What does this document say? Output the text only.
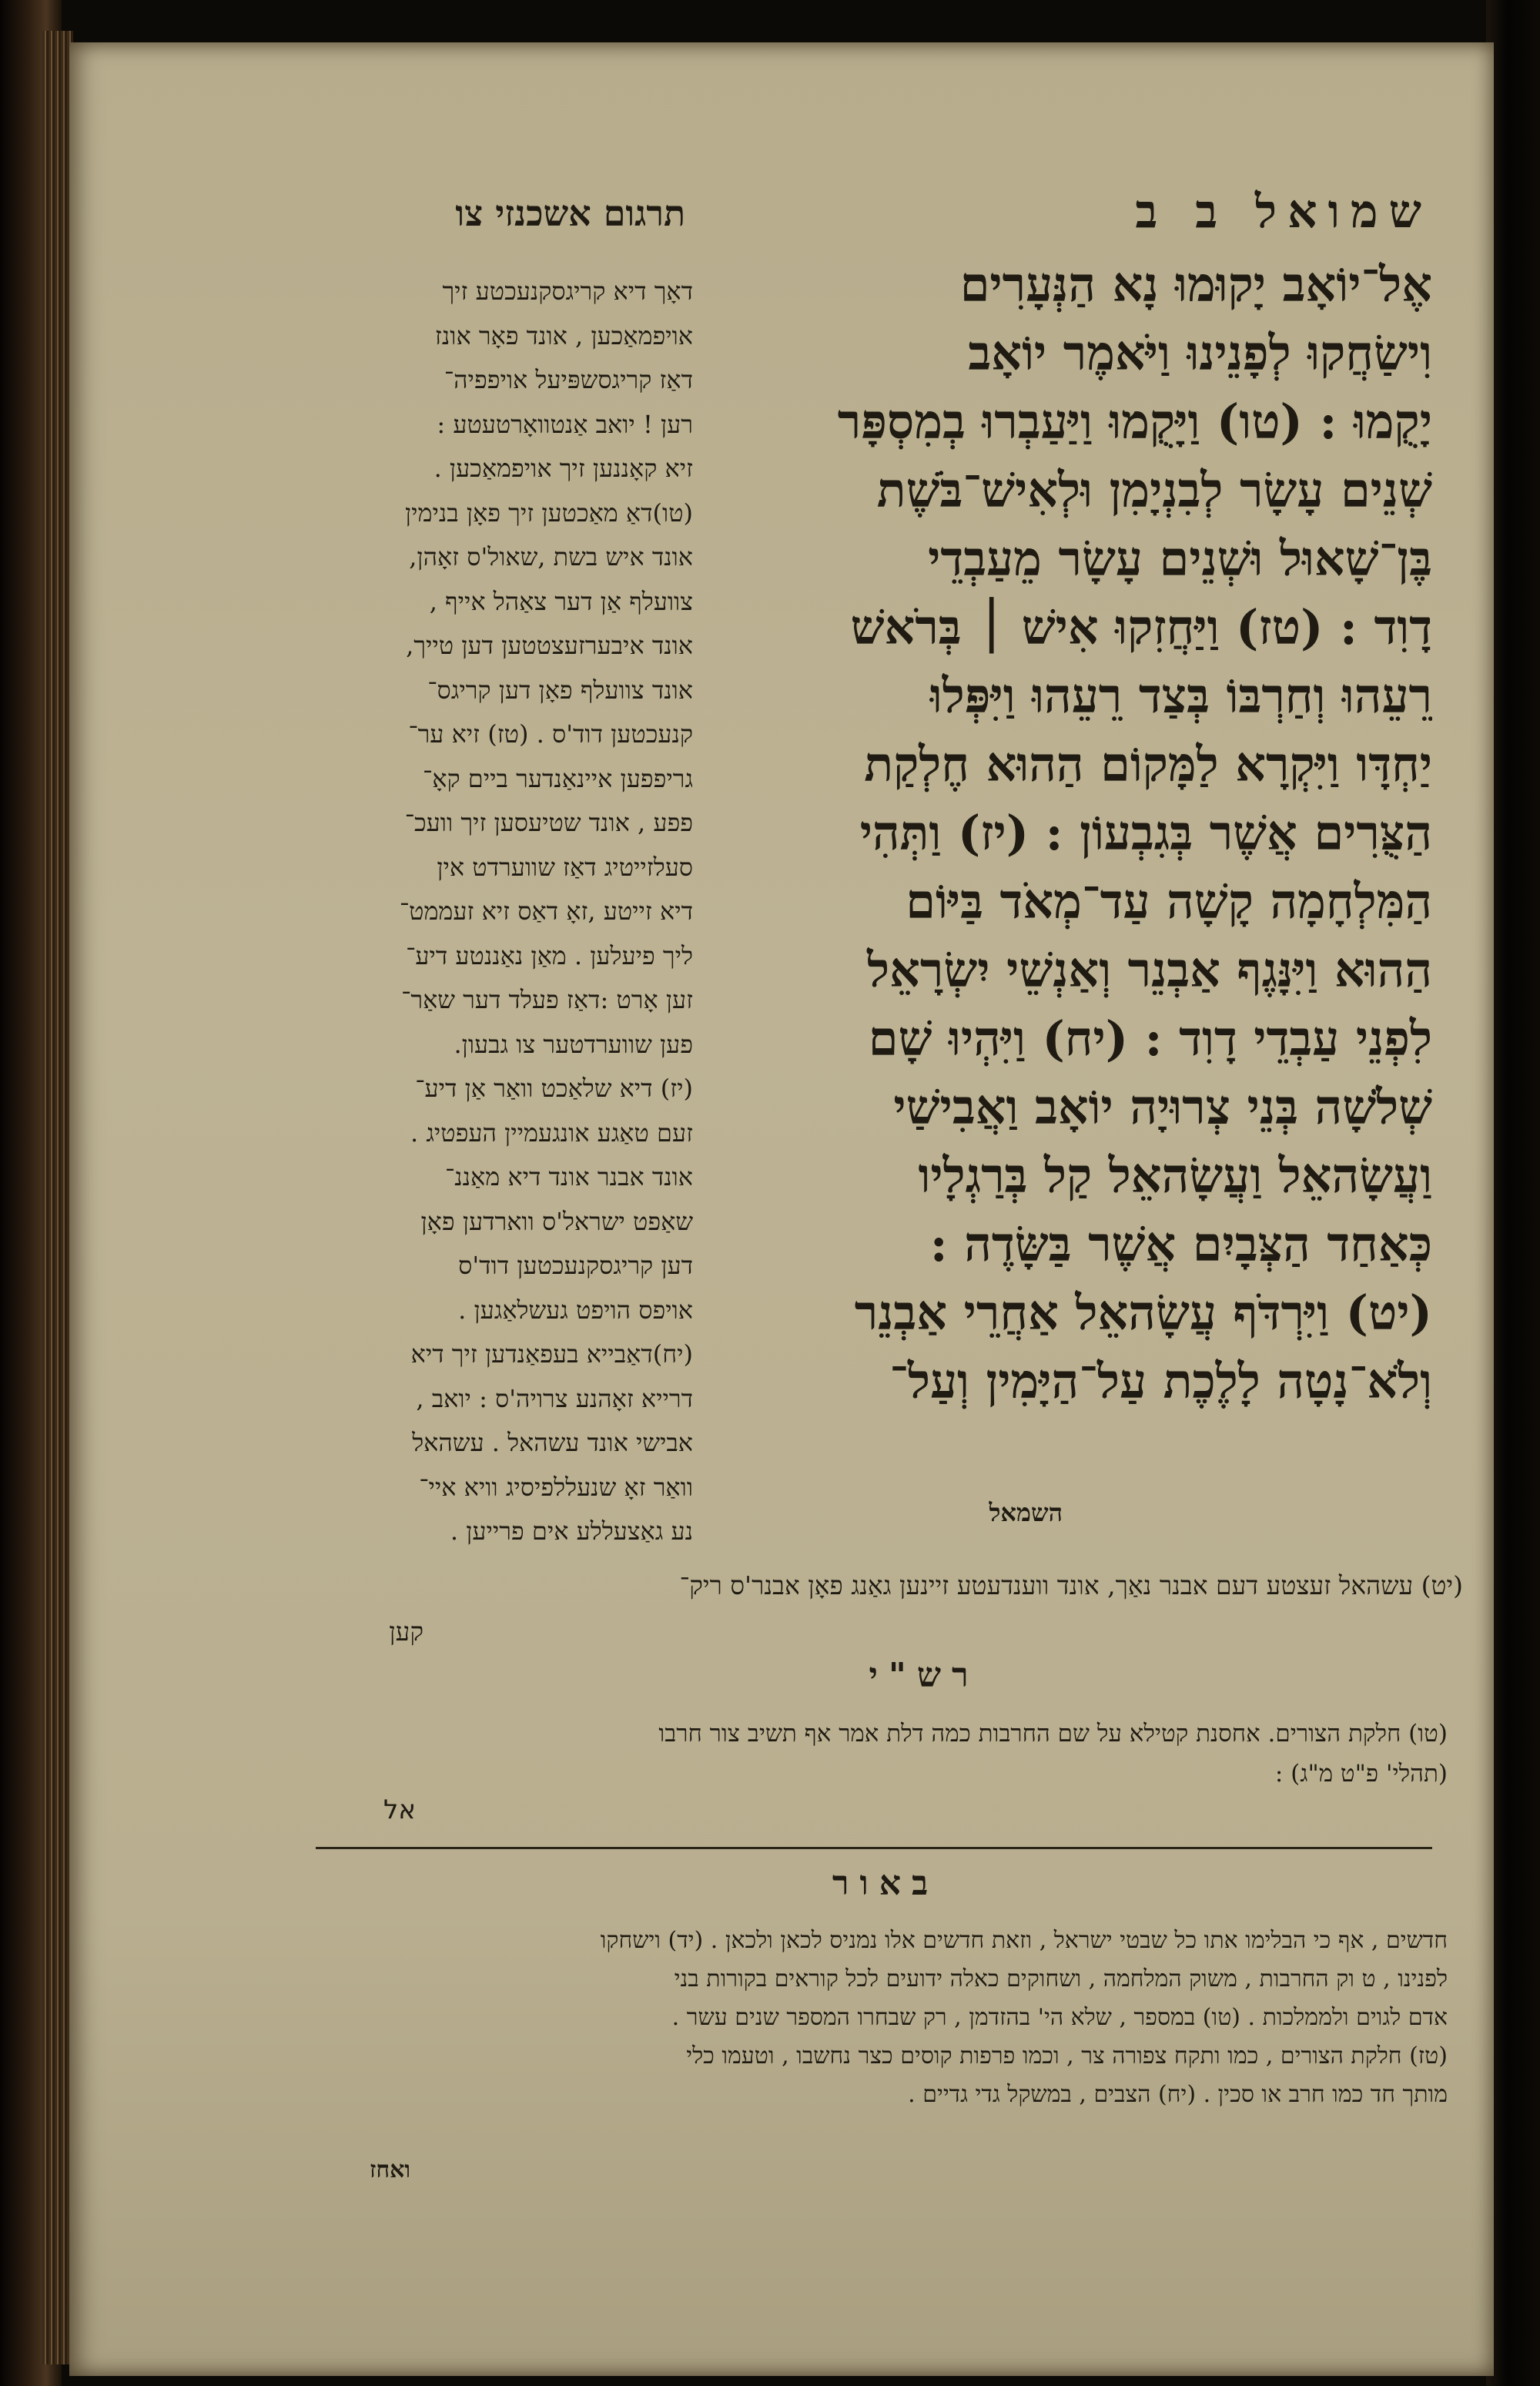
תרגום אשכנזי צו	שמואל ב ב
דאָך דיא קריגסקנעכטע זיך
אויפמאַכען , אונד פאָר אונז
דאַז קריגסשפּיעל אויפפיה־
רען ! יואב אַנטוואָרטעטע :
זיא קאָננען זיך אויפמאַכען .
(טו)דאַ מאַכטען זיך פאָן בנימין
אונד איש בשת ,שאול'ס זאָהן,
צוועלף אַן דער צאַהל אייף ,
אונד איבערזעצטטען דען טייך,
אונד צוועלף פאָן דען קריגס־
קנעכטען דוד'ס . (טז) זיא ער־
גריפפען איינאַנדער ביים קאָ־
פפע , אונד שטיעסען זיך וועכ־
סעלזייטיג דאַז שווערדט אין
דיא זייטע ,זאָ דאַס זיא זעממט־
ליך פיעלען . מאַן נאַננטע דיע־
זען אָרט :דאַז פעלד דער שאַר־
פען שווערדטער צו גבעון.
(יז) דיא שלאַכט וואַר אַן דיע־
זעם טאַגע אונגעמיין העפטיג .
אונד אבנר אונד דיא מאַננ־
שאַפט ישראל'ס ווארדען פאָן
דען קריגסקנעכטען דוד'ס
אויפס הויפט געשלאַגען .
(יח)דאַבייא בעפאַנדען זיך דיא
דרייא זאָהנע צרויה'ס : יואב ,
אבישי אונד עשהאל . עשהאל
וואַר זאָ שנעללפיסיג וויא איי־
נע גאַצעללע אים פרייען .
אֶל־יוֹאָב יָקוּמוּ נָא הַנְּעָרִים
וִישַׂחֲקוּ לְפָנֵינוּ וַיֹּאמֶר יוֹאָב
יָקֻמוּ : (טו) וַיָּקֻמוּ וַיַּעַבְרוּ בְמִסְפָּר
שְׁנֵים עָשָׂר לְבִנְיָמִן וּלְאִישׁ־בֹּשֶׁת
בֶּן־שָׁאוּל וּשְׁנֵים עָשָׂר מֵעַבְדֵי
דָוִד : (טז) וַיַּחֲזִקוּ אִישׁ ׀ בְּרֹאשׁ
רֵעֵהוּ וְחַרְבּוֹ בְּצַד רֵעֵהוּ וַיִּפְּלוּ
יַחְדָּו וַיִּקְרָא לַמָּקוֹם הַהוּא חֶלְקַת
הַצֻּרִים אֲשֶׁר בְּגִבְעוֹן : (יז) וַתְּהִי
הַמִּלְחָמָה קָשָׁה עַד־מְאֹד בַּיּוֹם
הַהוּא וַיִּנָּגֶף אַבְנֵר וְאַנְשֵׁי יִשְׂרָאֵל
לִפְנֵי עַבְדֵי דָוִד : (יח) וַיִּהְיוּ שָׁם
שְׁלֹשָׁה בְּנֵי צְרוּיָה יוֹאָב וַאֲבִישַׁי
וַעֲשָׂהאֵל וַעֲשָׂהאֵל קַל בְּרַגְלָיו
כְּאַחַד הַצְּבָיִם אֲשֶׁר בַּשָּׂדֶה :
(יט) וַיִּרְדֹּף עֲשָׂהאֵל אַחֲרֵי אַבְנֵר
וְלֹא־נָטָה לָלֶכֶת עַל־הַיָּמִין וְעַל־
השמאל
(יט) עשהאל זעצטע דעם אבנר נאַך, אונד ווענדעטע זיינען גאַנג פאָן אבנר'ס ריק־
קען
רש"י
(טו) חלקת הצורים. אחסנת קטילא על שם החרבות כמה דלת אמר אף תשיב צור חרבו
(תהלי' פ"ט מ"ג) :
אל
באור
חדשים , אף כי הבלימו אתו כל שבטי ישראל , וזאת חדשים אלו נמניס לכאן ולכאן . (יד) וישחקו
לפנינו , ט וק החרבות , משוק המלחמה , ושחוקים כאלה ידועים לכל קוראים בקורות בני
אדם לגוים ולממלכות . (טו) במספר , שלא הי' בהזדמן , רק שבחרו המספר שנים עשר .
(טז) חלקת הצורים , כמו ותקח צפורה צר , וכמו פרפות קוסים כצר נחשבו , וטעמו כלי
מותך חד כמו חרב או סכין . (יח) הצבים , במשקל גדי גדיים .
ואחז
